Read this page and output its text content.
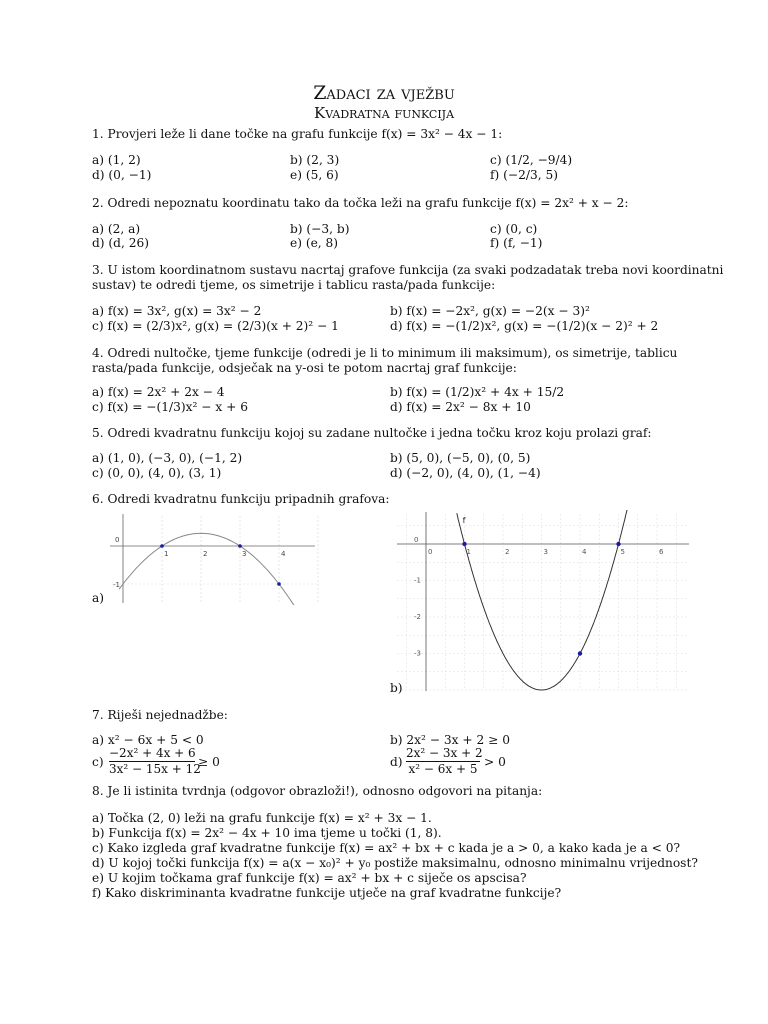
Zadaci za vježbu
Kvadratna funkcija
1. Provjeri leže li dane točke na grafu funkcije f(x) = 3x² − 4x − 1:
a) (1, 2)	b) (2, 3)	c) (1/2, −9/4)
d) (0, −1)	e) (5, 6)	f) (−2/3, 5)
2. Odredi nepoznatu koordinatu tako da točka leži na grafu funkcije f(x) = 2x² + x − 2:
a) (2, a)	b) (−3, b)	c) (0, c)
d) (d, 26)	e) (e, 8)	f) (f, −1)
3. U istom koordinatnom sustavu nacrtaj grafove funkcija (za svaki podzadatak treba novi koordinatni
sustav) te odredi tjeme, os simetrije i tablicu rasta/pada funkcije:
a) f(x) = 3x², g(x) = 3x² − 2	b) f(x) = −2x², g(x) = −2(x − 3)²
c) f(x) = (2/3)x², g(x) = (2/3)(x + 2)² − 1	d) f(x) = −(1/2)x², g(x) = −(1/2)(x − 2)² + 2
4. Odredi nultočke, tjeme funkcije (odredi je li to minimum ili maksimum), os simetrije, tablicu
rasta/pada funkcije, odsječak na y-osi te potom nacrtaj graf funkcije:
a) f(x) = 2x² + 2x − 4	b) f(x) = (1/2)x² + 4x + 15/2
c) f(x) = −(1/3)x² − x + 6	d) f(x) = 2x² − 8x + 10
5. Odredi kvadratnu funkciju kojoj su zadane nultočke i jedna točku kroz koju prolazi graf:
a) (1, 0), (−3, 0), (−1, 2)	b) (5, 0), (−5, 0), (0, 5)
c) (0, 0), (4, 0), (3, 1)	d) (−2, 0), (4, 0), (1, −4)
6. Odredi kvadratnu funkciju pripadnih grafova:
0
1	2	3	4
-1
a)
f
0	1	2	3	4	5	6
0
-1
-2
-3
b)
7. Riješi nejednadžbe:
a) x² − 6x + 5 < 0	b) 2x² − 3x + 2 ≥ 0
$c) \frac{\text{−2x² + 4x + 6}}{\text{3x² − 15x + 12}} \ge 0$	$d) \frac{\text{2x² − 3x + 2}}{\text{x² − 6x + 5}} > 0$
8. Je li istinita tvrdnja (odgovor obrazloži!), odnosno odgovori na pitanja:
a) Točka (2, 0) leži na grafu funkcije f(x) = x² + 3x − 1.
b) Funkcija f(x) = 2x² − 4x + 10 ima tjeme u točki (1, 8).
c) Kako izgleda graf kvadratne funkcije f(x) = ax² + bx + c kada je a > 0, a kako kada je a < 0?
d) U kojoj točki funkcija f(x) = a(x − x₀)² + y₀ postiže maksimalnu, odnosno minimalnu vrijednost?
e) U kojim točkama graf funkcije f(x) = ax² + bx + c siječe os apscisa?
f) Kako diskriminanta kvadratne funkcije utječe na graf kvadratne funkcije?
